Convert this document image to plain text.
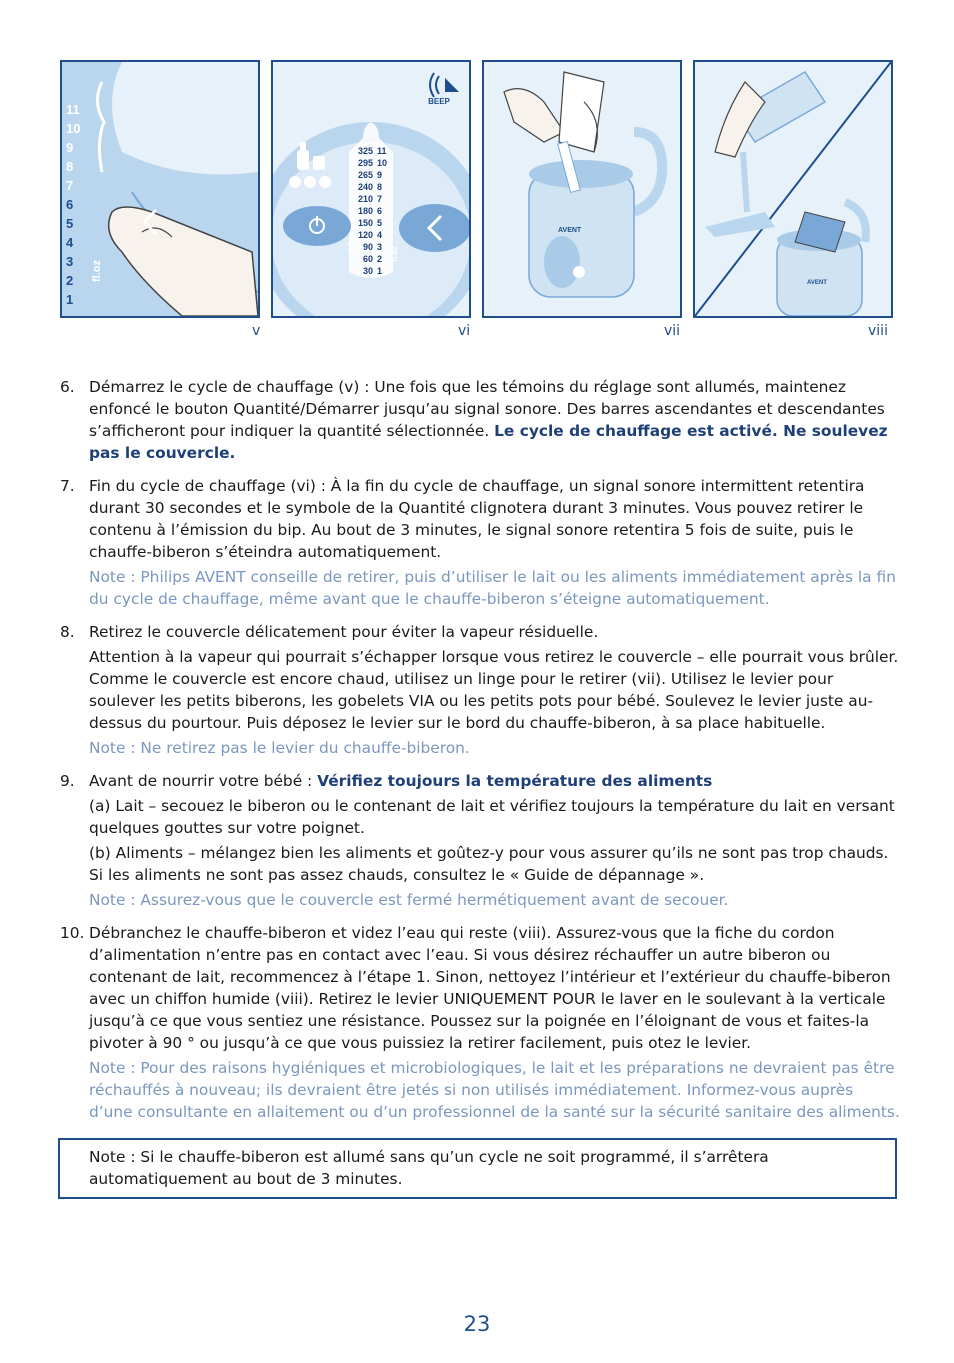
11
10
9
8
7
6
5
4
3
2
1
fl.oz
BEEP
325
295
265
240
210
180
150
120
90
60
30
11
10
9
8
7
6
5
4
3
2
1
ml	fl.oz
AVENT
AVENT
v	vi	vii	viii
6. Démarrez le cycle de chauffage (v) : Une fois que les témoins du réglage sont allumés, maintenez enfoncé le bouton Quantité/Démarrer jusqu’au signal sonore. Des barres ascendantes et descendantes s’afficheront pour indiquer la quantité sélectionnée. Le cycle de chauffage est activé. Ne soulevez pas le couvercle.

7. Fin du cycle de chauffage (vi) : À la fin du cycle de chauffage, un signal sonore intermittent retentira durant 30 secondes et le symbole de la Quantité clignotera durant 3 minutes. Vous pouvez retirer le contenu à l’émission du bip. Au bout de 3 minutes, le signal sonore retentira 5 fois de suite, puis le chauffe-biberon s’éteindra automatiquement.

Note : Philips AVENT conseille de retirer, puis d’utiliser le lait ou les aliments immédiatement après la fin du cycle de chauffage, même avant que le chauffe-biberon s’éteigne automatiquement.

8. Retirez le couvercle délicatement pour éviter la vapeur résiduelle.

Attention à la vapeur qui pourrait s’échapper lorsque vous retirez le couvercle – elle pourrait vous brûler. Comme le couvercle est encore chaud, utilisez un linge pour le retirer (vii). Utilisez le levier pour soulever les petits biberons, les gobelets VIA ou les petits pots pour bébé. Soulevez le levier juste au-dessus du pourtour. Puis déposez le levier sur le bord du chauffe-biberon, à sa place habituelle.

Note : Ne retirez pas le levier du chauffe-biberon.

9. Avant de nourrir votre bébé : Vérifiez toujours la température des aliments

(a) Lait – secouez le biberon ou le contenant de lait et vérifiez toujours la température du lait en versant quelques gouttes sur votre poignet.

(b) Aliments – mélangez bien les aliments et goûtez-y pour vous assurer qu’ils ne sont pas trop chauds. Si les aliments ne sont pas assez chauds, consultez le « Guide de dépannage ».

Note : Assurez-vous que le couvercle est fermé hermétiquement avant de secouer.

10. Débranchez le chauffe-biberon et videz l’eau qui reste (viii). Assurez-vous que la fiche du cordon d’alimentation n’entre pas en contact avec l’eau. Si vous désirez réchauffer un autre biberon ou contenant de lait, recommencez à l’étape 1. Sinon, nettoyez l’intérieur et l’extérieur du chauffe-biberon avec un chiffon humide (viii). Retirez le levier UNIQUEMENT POUR le laver en le soulevant à la verticale jusqu’à ce que vous sentiez une résistance. Poussez sur la poignée en l’éloignant de vous et faites-la pivoter à 90 ° ou jusqu’à ce que vous puissiez la retirer facilement, puis otez le levier.

Note : Pour des raisons hygiéniques et microbiologiques, le lait et les préparations ne devraient pas être réchauffés à nouveau; ils devraient être jetés si non utilisés immédiatement. Informez-vous auprès d’une consultante en allaitement ou d’un professionnel de la santé sur la sécurité sanitaire des aliments.

Note : Si le chauffe-biberon est allumé sans qu’un cycle ne soit programmé, il s’arrêtera automatiquement au bout de 3 minutes.
23
